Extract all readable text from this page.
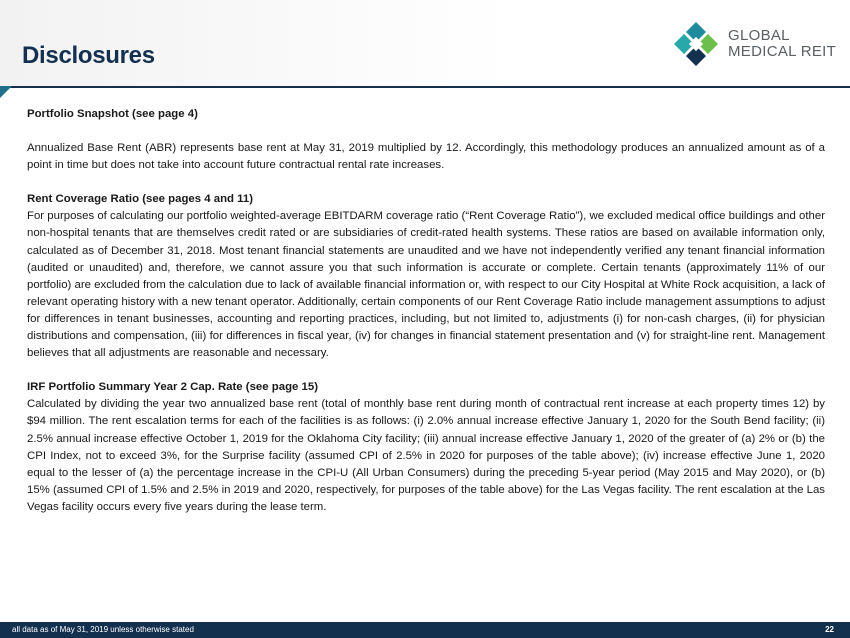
Disclosures
GLOBAL
MEDICAL REIT
Portfolio Snapshot (see page 4)
Annualized Base Rent (ABR) represents base rent at May 31, 2019 multiplied by 12. Accordingly, this methodology produces an annualized amount as of a point in time but does not take into account future contractual rental rate increases.
Rent Coverage Ratio (see pages 4 and 11)
For purposes of calculating our portfolio weighted-average EBITDARM coverage ratio (“Rent Coverage Ratio”), we excluded medical office buildings and other non-hospital tenants that are themselves credit rated or are subsidiaries of credit-rated health systems. These ratios are based on available information only, calculated as of December 31, 2018. Most tenant financial statements are unaudited and we have not independently verified any tenant financial information (audited or unaudited) and, therefore, we cannot assure you that such information is accurate or complete. Certain tenants (approximately 11% of our portfolio) are excluded from the calculation due to lack of available financial information or, with respect to our City Hospital at White Rock acquisition, a lack of relevant operating history with a new tenant operator. Additionally, certain components of our Rent Coverage Ratio include management assumptions to adjust for differences in tenant businesses, accounting and reporting practices, including, but not limited to, adjustments (i) for non-cash charges, (ii) for physician distributions and compensation, (iii) for differences in fiscal year, (iv) for changes in financial statement presentation and (v) for straight-line rent. Management believes that all adjustments are reasonable and necessary.
IRF Portfolio Summary Year 2 Cap. Rate (see page 15)
Calculated by dividing the year two annualized base rent (total of monthly base rent during month of contractual rent increase at each property times 12) by $94 million. The rent escalation terms for each of the facilities is as follows: (i) 2.0% annual increase effective January 1, 2020 for the South Bend facility; (ii) 2.5% annual increase effective October 1, 2019 for the Oklahoma City facility; (iii) annual increase effective January 1, 2020 of the greater of (a) 2% or (b) the CPI Index, not to exceed 3%, for the Surprise facility (assumed CPI of 2.5% in 2020 for purposes of the table above); (iv) increase effective June 1, 2020 equal to the lesser of (a) the percentage increase in the CPI-U (All Urban Consumers) during the preceding 5-year period (May 2015 and May 2020), or (b) 15% (assumed CPI of 1.5% and 2.5% in 2019 and 2020, respectively, for purposes of the table above) for the Las Vegas facility. The rent escalation at the Las Vegas facility occurs every five years during the lease term.
all data as of May 31, 2019 unless otherwise stated	22
